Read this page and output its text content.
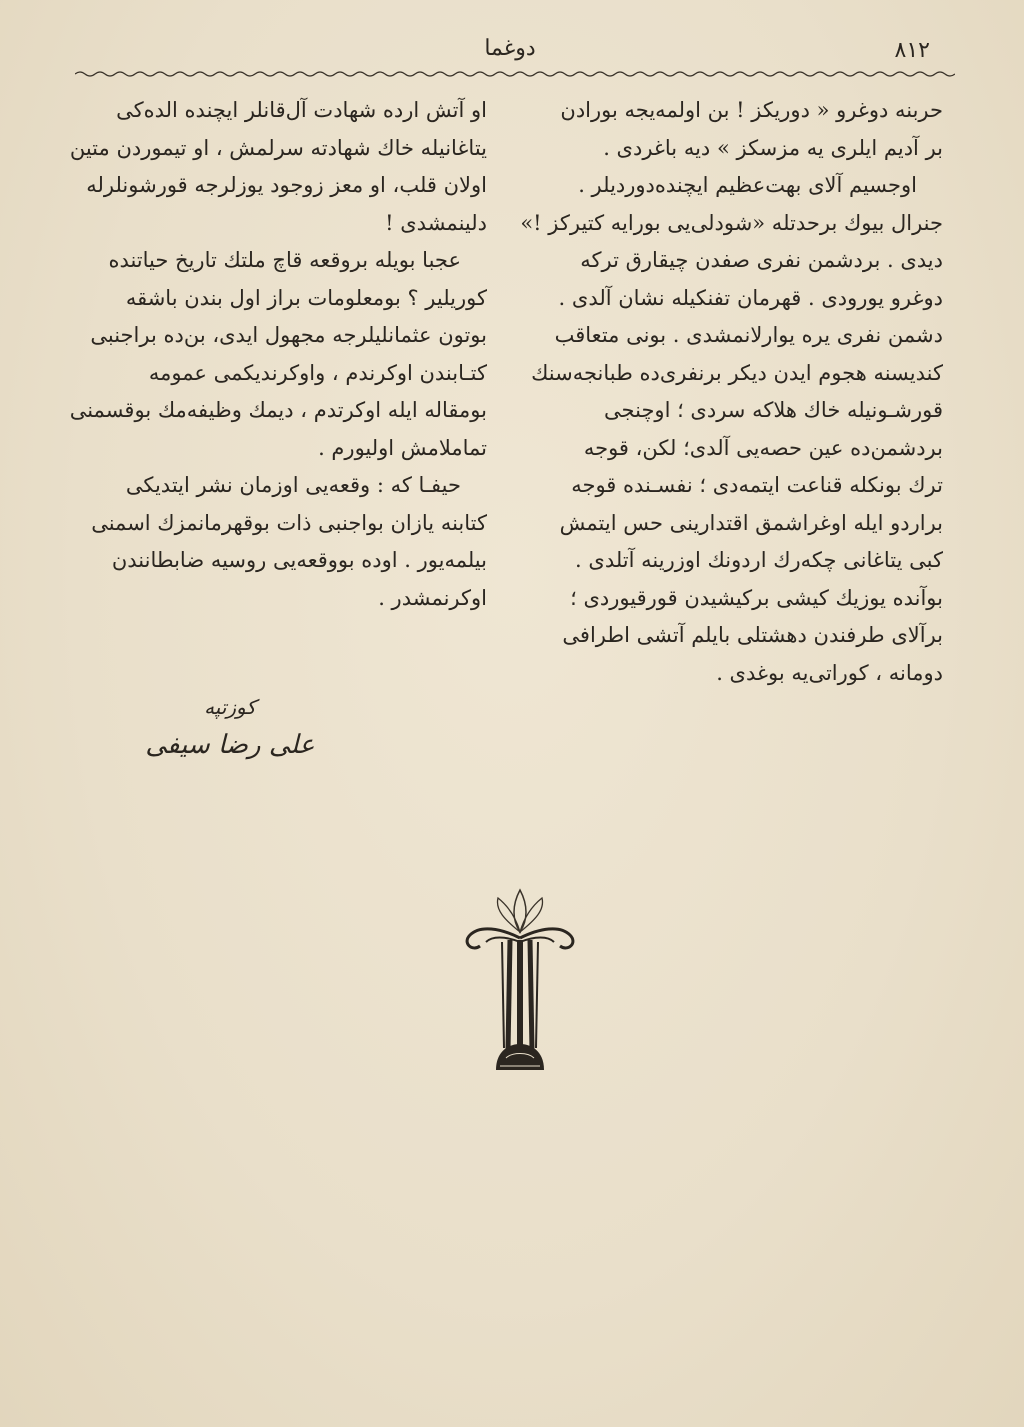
٨١٢
دوغما

حربنه دوغرو « دوریکز ! بن اولمه‌یجه بورادن

بر آدیم ایلری‌ یه‌ مزسکز » دیه باغردی .

اوجسیم آلای بهت‌عظیم ایچنده‌دوردیلر .

جنرال‌ بیوك برحدتله «شودلی‌یی بورایه‌ کتیرکز !»

دیدی . بردشمن نفری صفدن چیقارق ترکه

دوغرو یورودی . قهرمان‌ تفنکیله نشان آلدی .

دشمن نفری یره یوارلانمشدی . بونی متعاقب

کندیسنه هجوم ایدن‌ دیکر برنفری‌ده‌ طبانجه‌سنك

قورشـونیله خاك هلاکه سردی ؛ اوچنجی

بردشمن‌ده عین حصه‌یی آلدی؛ لکن، قوجه

ترك بونکله قناعت ایتمه‌دی ؛ نفسـنده قوجه

براردو ایله اوغراشمق اقتدارینی حس ایتمش

کبی یتاغانی چکه‌رك اردونك اوزرینه آتلدی .

بوآنده یوزیك کیشی برکیشیدن قورقیوردی ؛

برآلای طرفندن دهشتلی بایلم آتشی اطرافی

دومانه ، کوراتی‌یه بوغدی .

او آتش‌ ارده‌ شهادت آل‌قانلر ایچنده‌ الده‌کی

یتاغانیله خاك شهادته سرلمش ، او تیموردن متین

اولان‌ قلب، او معز زوجود یوزلرجه‌ قورشونلرله

دلینمشدی !

عجبا بویله بروقعه قاچ ملتك تاریخ‌ حیاتنده

کوریلیر ؟ بومعلومات براز اول بندن باشقه

بوتون عثمانلیلرجه مجهول ایدی، بن‌ده‌ براجنبی

کتـابندن اوکرندم ، واوکرندیکمی عمومه

بومقاله ایله اوکرتدم ، دیمك وظیفه‌مك بوقسمنی

تماملامش اولیورم .

حیفـا که : وقعه‌یی اوزمان نشر ایتدیکی

کتابنه یازان بواجنبی ذات بوقهرمانمزك اسمنی

بیلمه‌یور . اوده بووقعه‌یی روسیه ضابطانندن

اوکرنمشدر .

کوزتپه
علی رضا سیفی
